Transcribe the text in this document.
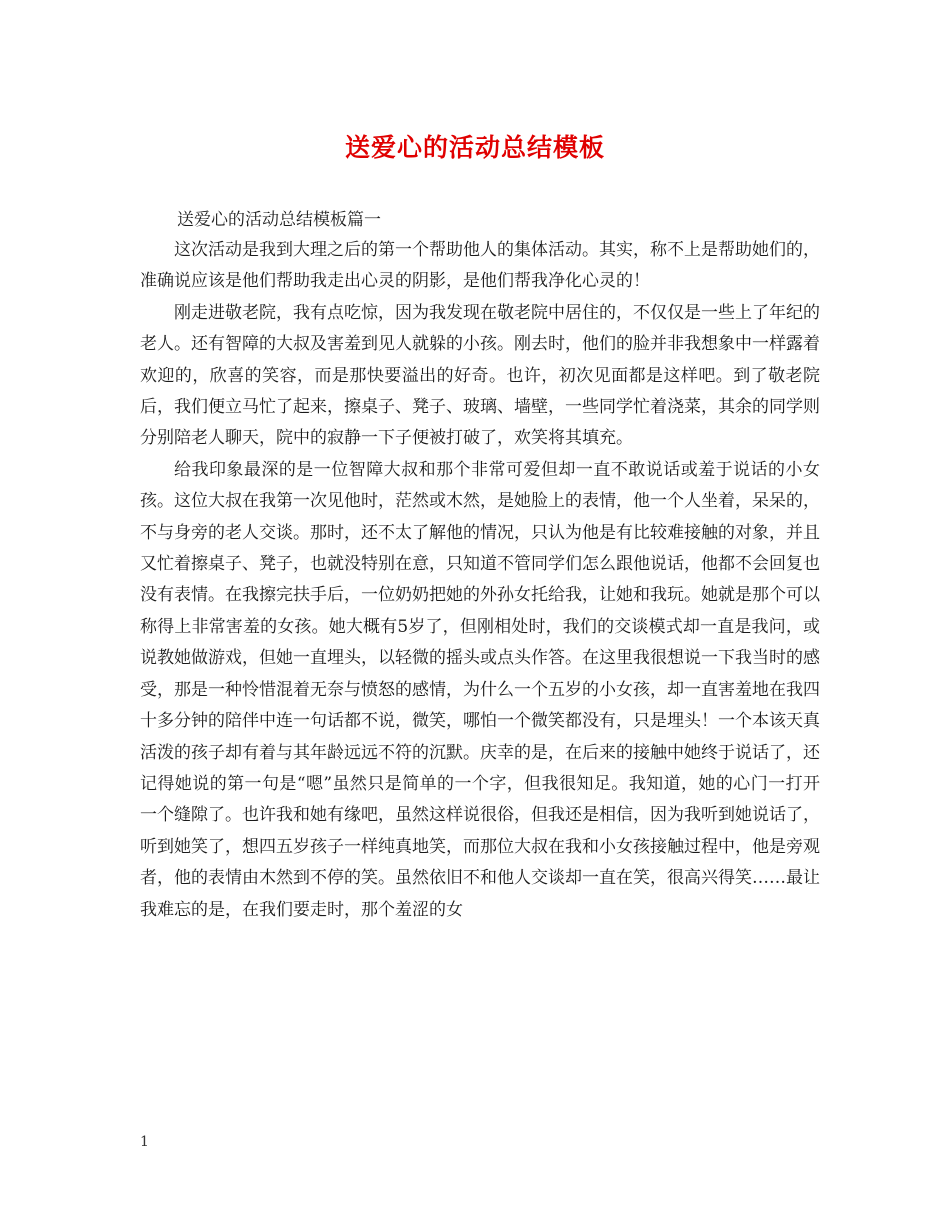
送爱心的活动总结模板
送爱心的活动总结模板篇一

这次活动是我到大理之后的第一个帮助他人的集体活动。其实，称不上是帮助她们的，准确说应该是他们帮助我走出心灵的阴影，是他们帮我净化心灵的！

刚走进敬老院，我有点吃惊，因为我发现在敬老院中居住的，不仅仅是一些上了年纪的老人。还有智障的大叔及害羞到见人就躲的小孩。刚去时，他们的脸并非我想象中一样露着欢迎的，欣喜的笑容，而是那快要溢出的好奇。也许，初次见面都是这样吧。到了敬老院后，我们便立马忙了起来，擦桌子、凳子、玻璃、墙壁，一些同学忙着浇菜，其余的同学则分别陪老人聊天，院中的寂静一下子便被打破了，欢笑将其填充。

给我印象最深的是一位智障大叔和那个非常可爱但却一直不敢说话或羞于说话的小女孩。这位大叔在我第一次见他时，茫然或木然，是她脸上的表情，他一个人坐着，呆呆的，不与身旁的老人交谈。那时，还不太了解他的情况，只认为他是有比较难接触的对象，并且又忙着擦桌子、凳子，也就没特别在意，只知道不管同学们怎么跟他说话，他都不会回复也没有表情。在我擦完扶手后，一位奶奶把她的外孙女托给我，让她和我玩。她就是那个可以称得上非常害羞的女孩。她大概有5岁了，但刚相处时，我们的交谈模式却一直是我问，或说教她做游戏，但她一直埋头，以轻微的摇头或点头作答。在这里我很想说一下我当时的感受，那是一种怜惜混着无奈与愤怒的感情，为什么一个五岁的小女孩，却一直害羞地在我四十多分钟的陪伴中连一句话都不说，微笑，哪怕一个微笑都没有，只是埋头！一个本该天真活泼的孩子却有着与其年龄远远不符的沉默。庆幸的是，在后来的接触中她终于说话了，还记得她说的第一句是“嗯”虽然只是简单的一个字，但我很知足。我知道，她的心门一打开一个缝隙了。也许我和她有缘吧，虽然这样说很俗，但我还是相信，因为我听到她说话了，听到她笑了，想四五岁孩子一样纯真地笑，而那位大叔在我和小女孩接触过程中，他是旁观者，他的表情由木然到不停的笑。虽然依旧不和他人交谈却一直在笑，很高兴得笑……最让我难忘的是，在我们要走时，那个羞涩的女

1
